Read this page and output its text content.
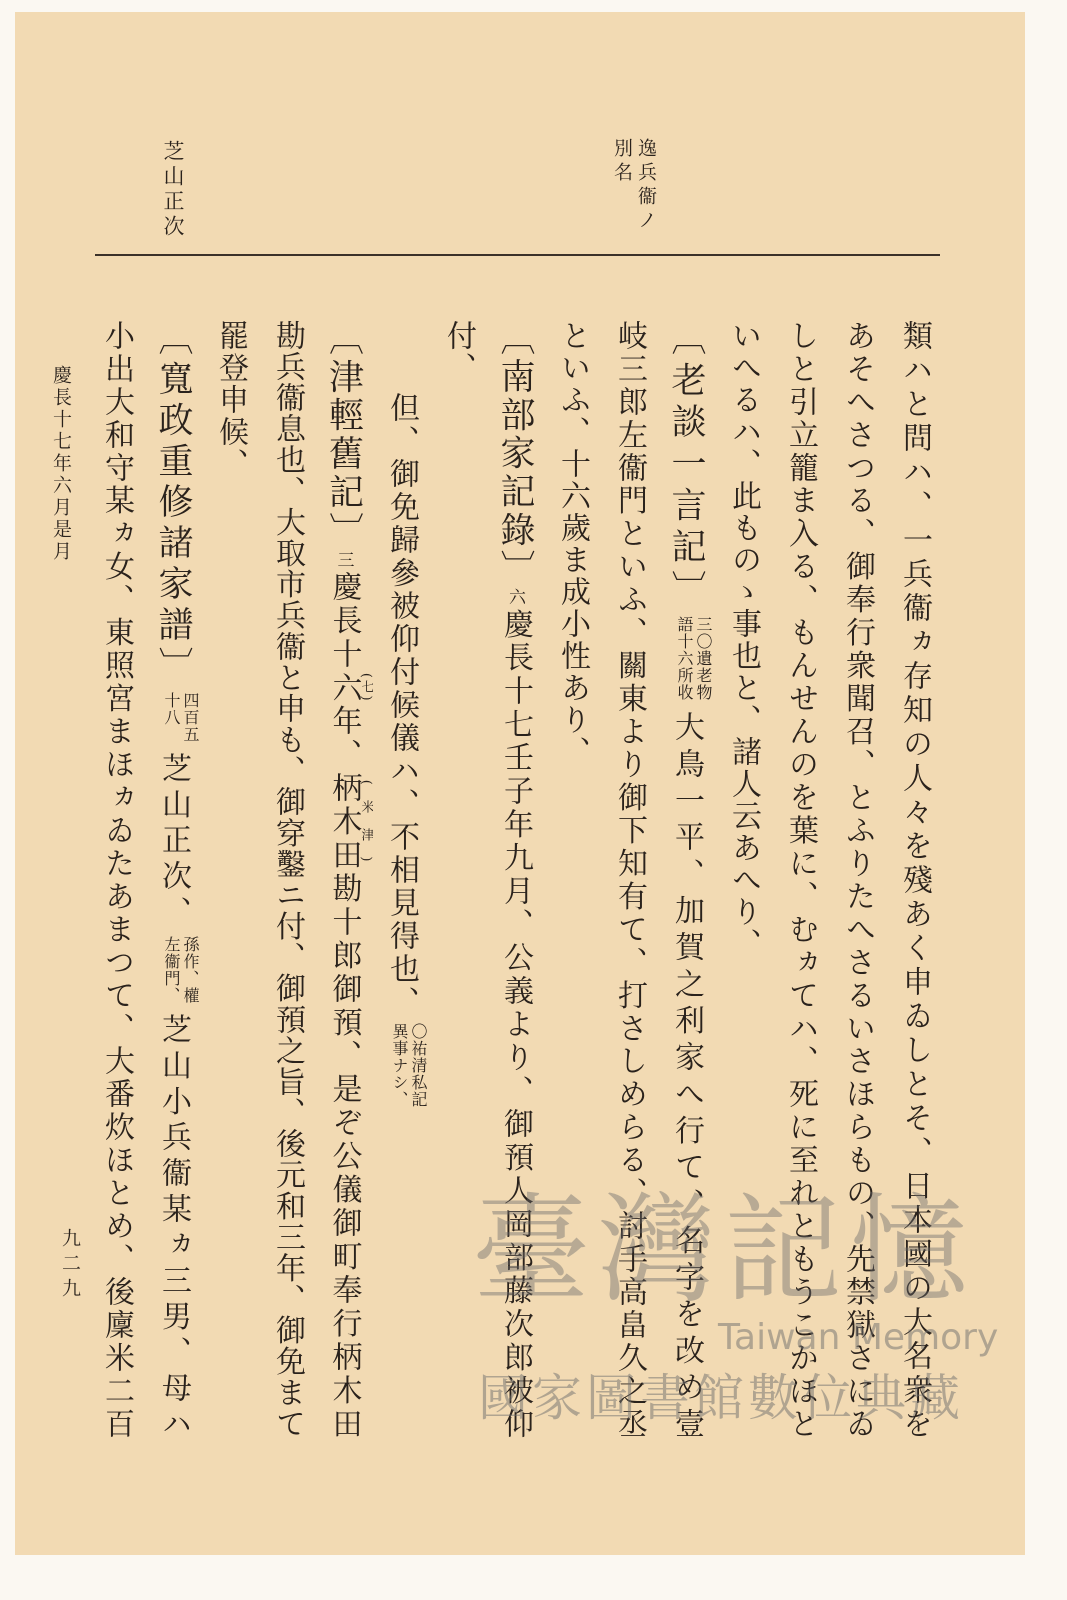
逸兵衞ノ
別名
芝山正次
慶長十七年六月是月
九二九	類ハと問ハ、一兵衞ヵ存知の人々を殘あく申ゐしとそ、日本國の大名衆を
あそへさつる、御奉行衆聞召、とふりたへさるいさほらもの、先禁獄さにゐ
しと引立籠ま入る、もんせんのを葉に、むヵてハ、死に至れともうこかほと
いへるハ、此ものゝ事也と、諸人云あへり、
〔老談一言記〕三〇遺老物
語十六所收大鳥一平、加賀之利家へ行て、名字を改め壹
岐三郎左衞門といふ、關東より御下知有て、打さしめらる、討手高畠久之丞
といふ、十六歲ま成小性あり、
〔南部家記錄〕六慶長十七壬子年九月、公義より、御預人岡部藤次郎被仰
付、
但、御免歸參被仰付候儀ハ、不相見得也、〇祐清私記
異事ナシ、
〔津輕舊記〕三慶長十六(七)年、柄木田(米津)勘十郎御預、是ぞ公儀御町奉行柄木田
勘兵衞息也、大取市兵衞と申も、御穿鑿ニ付、御預之旨、後元和三年、御免まて
罷登申候、
〔寬政重修諸家譜〕四百五
十八芝山正次、孫作、權
左衞門、芝山小兵衞某ヵ三男、母ハ
小出大和守某ヵ女、東照宮まほヵゐたあまつて、大番炊ほとめ、後廩米二百	臺灣記憶
Taiwan Memory
國家圖書館數位典藏
